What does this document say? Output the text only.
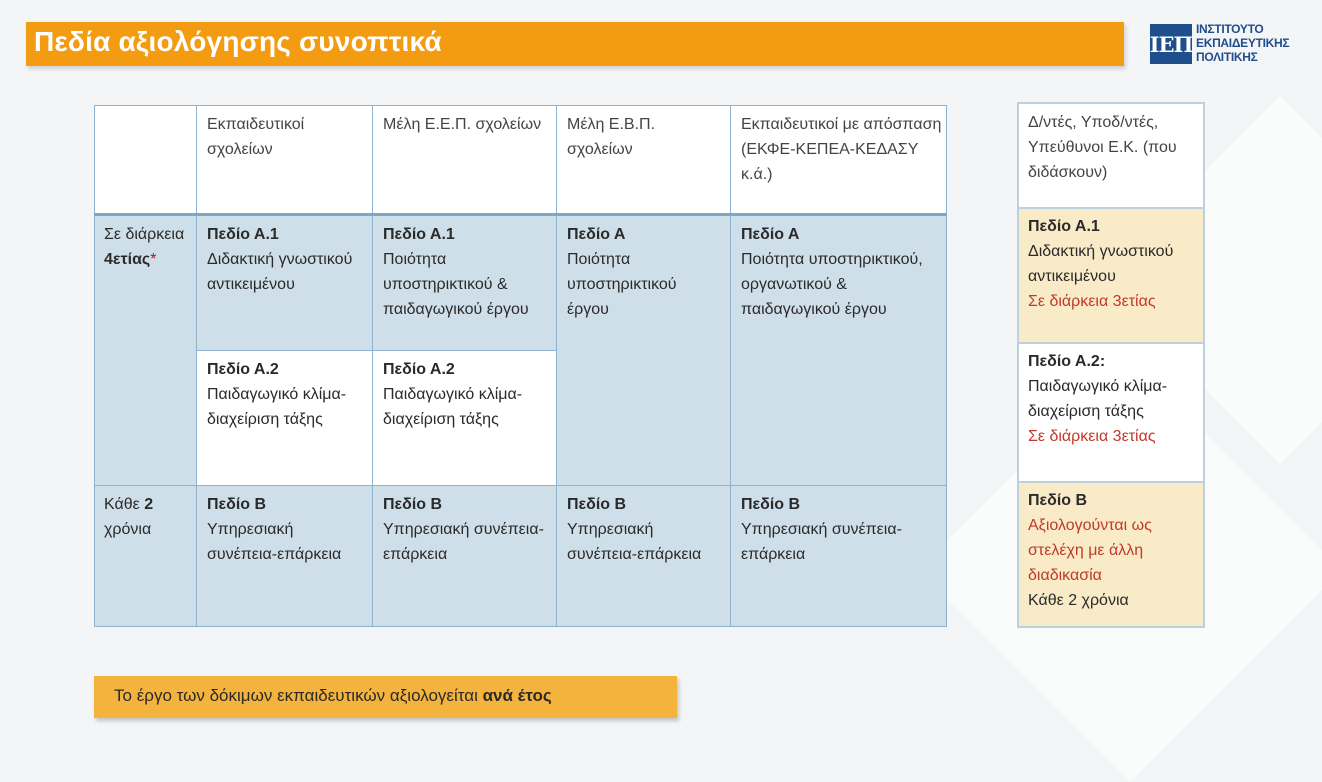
Πεδία αξιολόγησης συνοπτικά	ΙΕΠ
ΙΝΣΤΙΤΟΥΤΟ
ΕΚΠΑΙΔΕΥΤΙΚΗΣ
ΠΟΛΙΤΙΚΗΣ
Εκπαιδευτικοί σχολείων
Μέλη Ε.Ε.Π. σχολείων	Μέλη Ε.Β.Π. σχολείων
Εκπαιδευτικοί με απόσπαση (ΕΚΦΕ-ΚΕΠΕΑ-ΚΕΔΑΣΥ κ.ά.)
Σε διάρκεια
4ετίας*
Πεδίο Α.1
Διδακτική γνωστικού αντικειμένου
Πεδίο Α.2
Παιδαγωγικό κλίμα-διαχείριση τάξης
Πεδίο Α.1
Ποιότητα υποστηρικτικού & παιδαγωγικού έργου
Πεδίο Α.2
Παιδαγωγικό κλίμα-διαχείριση τάξης
Πεδίο Α
Ποιότητα υποστηρικτικού έργου
Πεδίο Α
Ποιότητα υποστηρικτικού, οργανωτικού & παιδαγωγικού έργου
Κάθε 2
χρόνια
Πεδίο Β
Υπηρεσιακή συνέπεια-επάρκεια
Πεδίο Β
Υπηρεσιακή συνέπεια-επάρκεια
Πεδίο Β
Υπηρεσιακή συνέπεια-επάρκεια
Πεδίο Β
Υπηρεσιακή συνέπεια-επάρκεια
Δ/ντές, Υποδ/ντές, Υπεύθυνοι Ε.Κ. (που διδάσκουν)
Πεδίο Α.1
Διδακτική γνωστικού αντικειμένου
Σε διάρκεια 3ετίας
Πεδίο Α.2:
Παιδαγωγικό κλίμα-διαχείριση τάξης
Σε διάρκεια 3ετίας
Πεδίο Β
Αξιολογούνται ως στελέχη με άλλη διαδικασία
Κάθε 2 χρόνια
Το έργο των δόκιμων εκπαιδευτικών αξιολογείται ανά έτος
